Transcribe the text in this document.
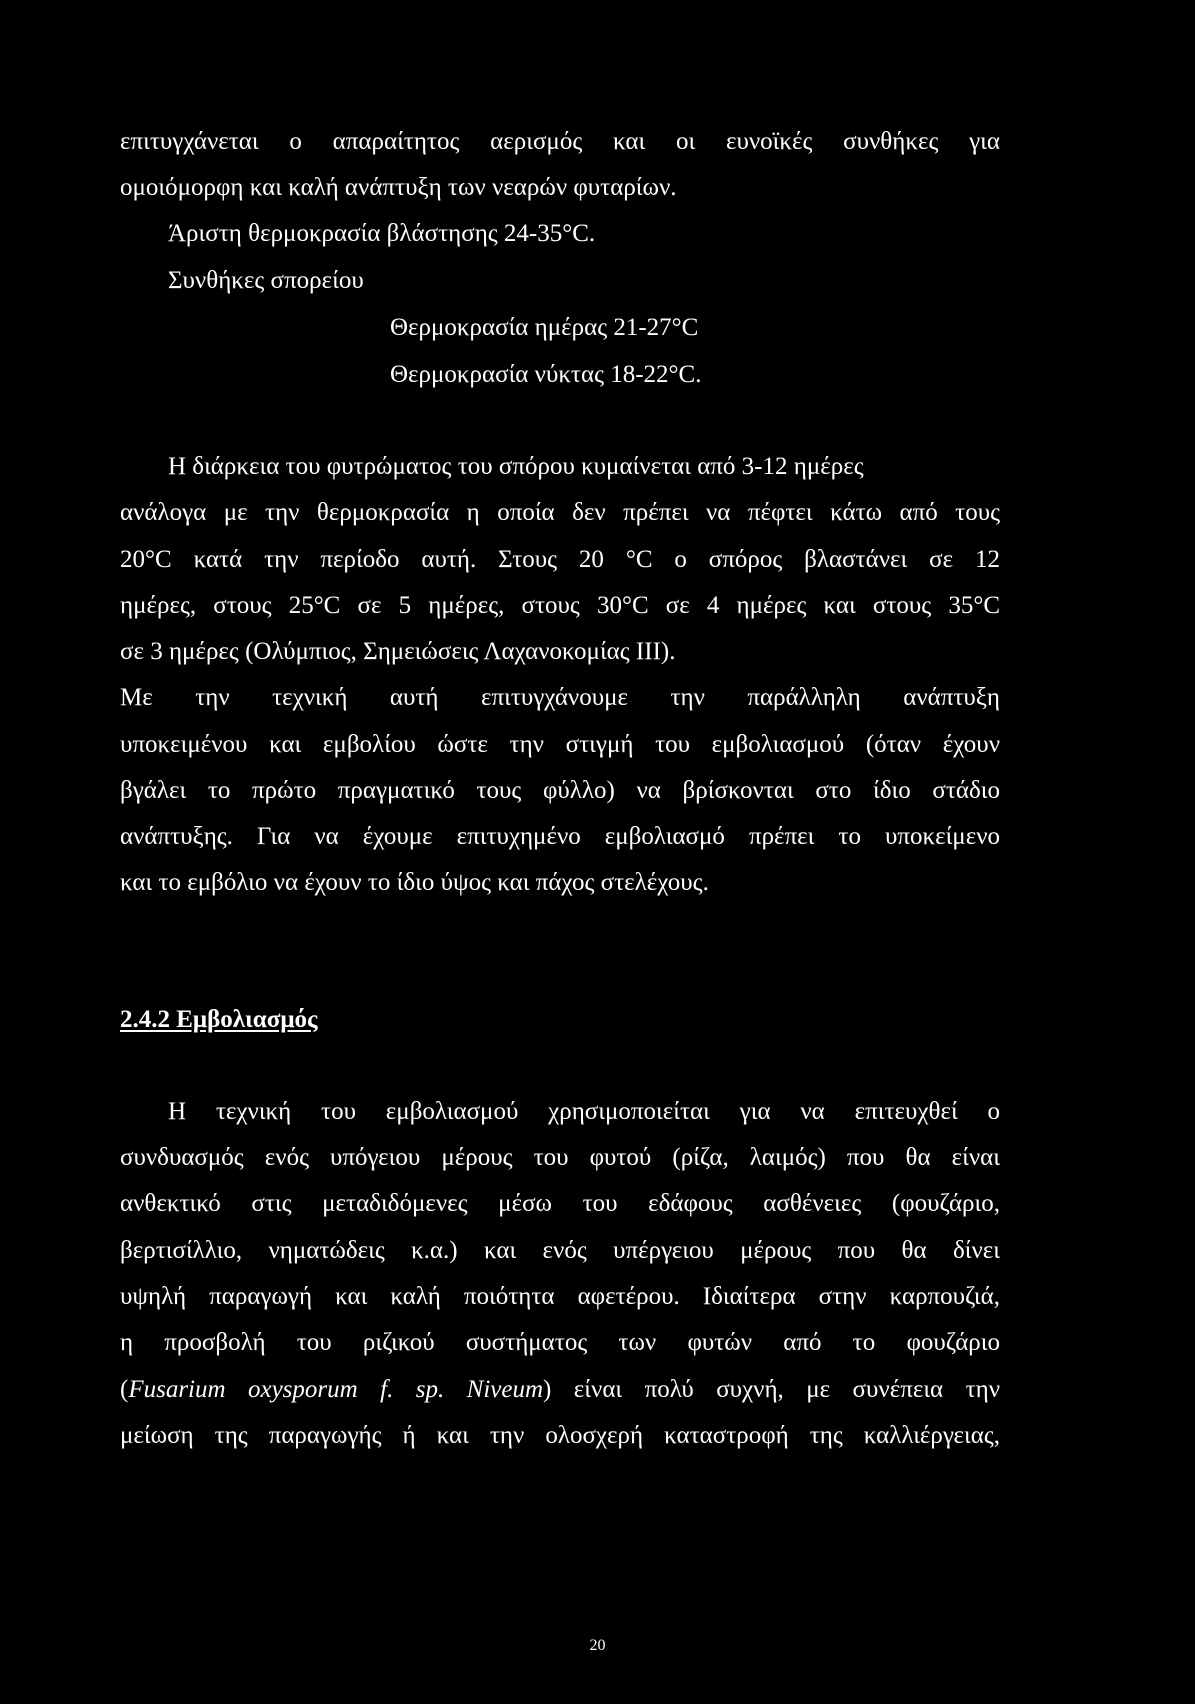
επιτυγχάνεται ο απαραίτητος αερισμός και οι ευνοϊκές συνθήκες για

ομοιόμορφη και καλή ανάπτυξη των νεαρών φυταρίων.

Άριστη θερμοκρασία βλάστησης 24-35°C.

Συνθήκες σπορείου

Θερμοκρασία ημέρας 21-27°C

Θερμοκρασία νύκτας 18-22°C.

Η διάρκεια του φυτρώματος του σπόρου κυμαίνεται από 3-12 ημέρες

ανάλογα με την θερμοκρασία η οποία δεν πρέπει να πέφτει κάτω από τους

20°C κατά την περίοδο αυτή. Στους 20 °C ο σπόρος βλαστάνει σε 12

ημέρες, στους 25°C σε 5 ημέρες, στους 30°C σε 4 ημέρες και στους 35°C

σε 3 ημέρες (Ολύμπιος, Σημειώσεις Λαχανοκομίας ΙΙΙ).

Με την τεχνική αυτή επιτυγχάνουμε την παράλληλη ανάπτυξη

υποκειμένου και εμβολίου ώστε την στιγμή του εμβολιασμού (όταν έχουν

βγάλει το πρώτο πραγματικό τους φύλλο) να βρίσκονται στο ίδιο στάδιο

ανάπτυξης. Για να έχουμε επιτυχημένο εμβολιασμό πρέπει το υποκείμενο

και το εμβόλιο να έχουν το ίδιο ύψος και πάχος στελέχους.

2.4.2 Εμβολιασμός

Η τεχνική του εμβολιασμού χρησιμοποιείται για να επιτευχθεί ο

συνδυασμός ενός υπόγειου μέρους του φυτού (ρίζα, λαιμός) που θα είναι

ανθεκτικό στις μεταδιδόμενες μέσω του εδάφους ασθένειες (φουζάριο,

βερτισίλλιο, νηματώδεις κ.α.) και ενός υπέργειου μέρους που θα δίνει

υψηλή παραγωγή και καλή ποιότητα αφετέρου. Ιδιαίτερα στην καρπουζιά,

η προσβολή του ριζικού συστήματος των φυτών από το φουζάριο

(Fusarium oxysporum f. sp. Niveum) είναι πολύ συχνή, με συνέπεια την

μείωση της παραγωγής ή και την ολοσχερή καταστροφή της καλλιέργειας,

20
